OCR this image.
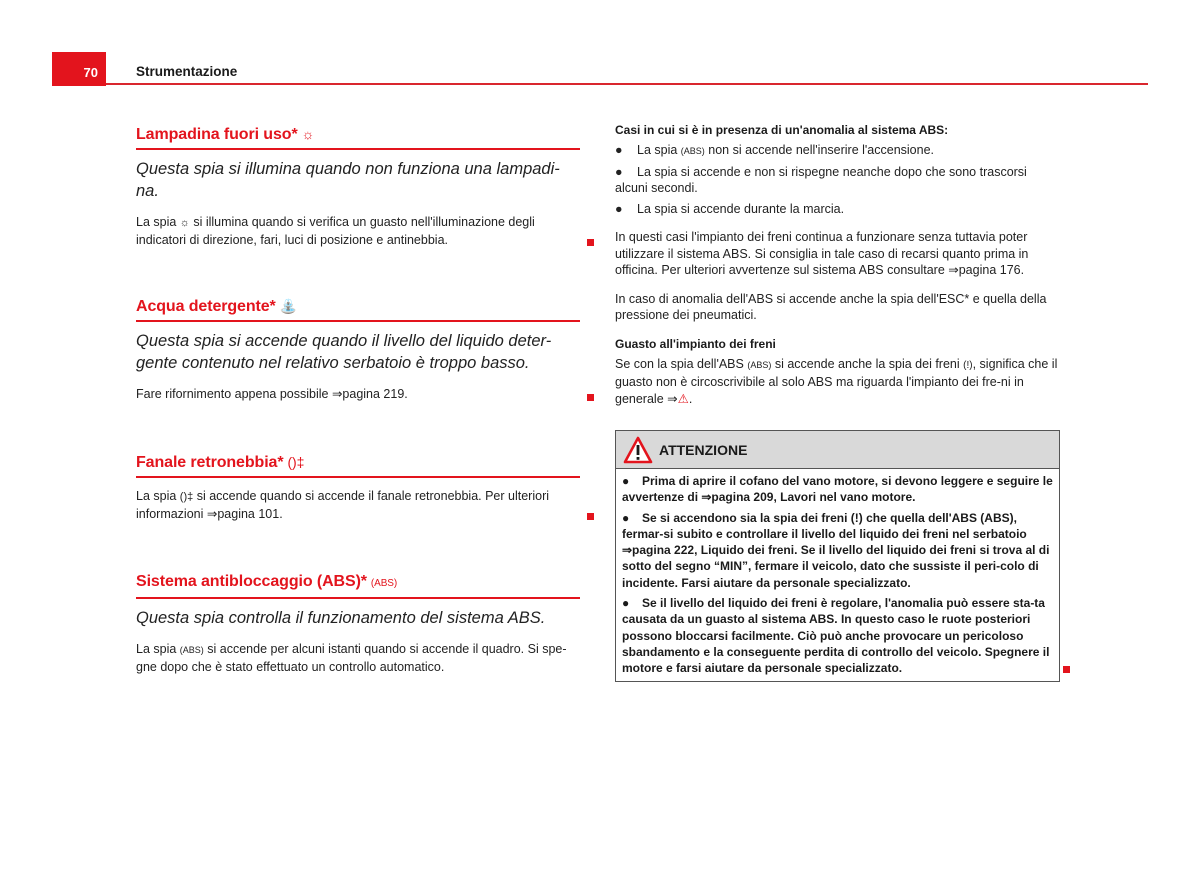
70	Strumentazione
Lampadina fuori uso* ☼
Questa spia si illumina quando non funziona una lampadi-na.
La spia ☼ si illumina quando si verifica un guasto nell'illuminazione degli indicatori di direzione, fari, luci di posizione e antinebbia.
Acqua detergente* ⛲
Questa spia si accende quando il livello del liquido deter-gente contenuto nel relativo serbatoio è troppo basso.
Fare rifornimento appena possibile ⇒pagina 219.
Fanale retronebbia* ()‡
La spia ()‡ si accende quando si accende il fanale retronebbia. Per ulteriori informazioni ⇒pagina 101.
Sistema antibloccaggio (ABS)* (ABS)
Questa spia controlla il funzionamento del sistema ABS.
La spia (ABS) si accende per alcuni istanti quando si accende il quadro. Si spe-gne dopo che è stato effettuato un controllo automatico.
Casi in cui si è in presenza di un'anomalia al sistema ABS:
● La spia (ABS) non si accende nell'inserire l'accensione.
● La spia si accende e non si rispegne neanche dopo che sono trascorsi alcuni secondi.
● La spia si accende durante la marcia.
In questi casi l'impianto dei freni continua a funzionare senza tuttavia poter utilizzare il sistema ABS. Si consiglia in tale caso di recarsi quanto prima in officina. Per ulteriori avvertenze sul sistema ABS consultare ⇒pagina 176.
In caso di anomalia dell'ABS si accende anche la spia dell'ESC* e quella della pressione dei pneumatici.
Guasto all'impianto dei freni
Se con la spia dell'ABS (ABS) si accende anche la spia dei freni (!), significa che il guasto non è circoscrivibile al solo ABS ma riguarda l'impianto dei fre-ni in generale ⇒⚠.
ATTENZIONE
● Prima di aprire il cofano del vano motore, si devono leggere e seguire le avvertenze di ⇒pagina 209, Lavori nel vano motore.
● Se si accendono sia la spia dei freni (!) che quella dell'ABS (ABS), fermar-si subito e controllare il livello del liquido dei freni nel serbatoio ⇒pagina 222, Liquido dei freni. Se il livello del liquido dei freni si trova al di sotto del segno “MIN”, fermare il veicolo, dato che sussiste il peri-colo di incidente. Farsi aiutare da personale specializzato.
● Se il livello del liquido dei freni è regolare, l'anomalia può essere sta-ta causata da un guasto al sistema ABS. In questo caso le ruote posteriori possono bloccarsi facilmente. Ciò può anche provocare un pericoloso sbandamento e la conseguente perdita di controllo del veicolo. Spegnere il motore e farsi aiutare da personale specializzato.
